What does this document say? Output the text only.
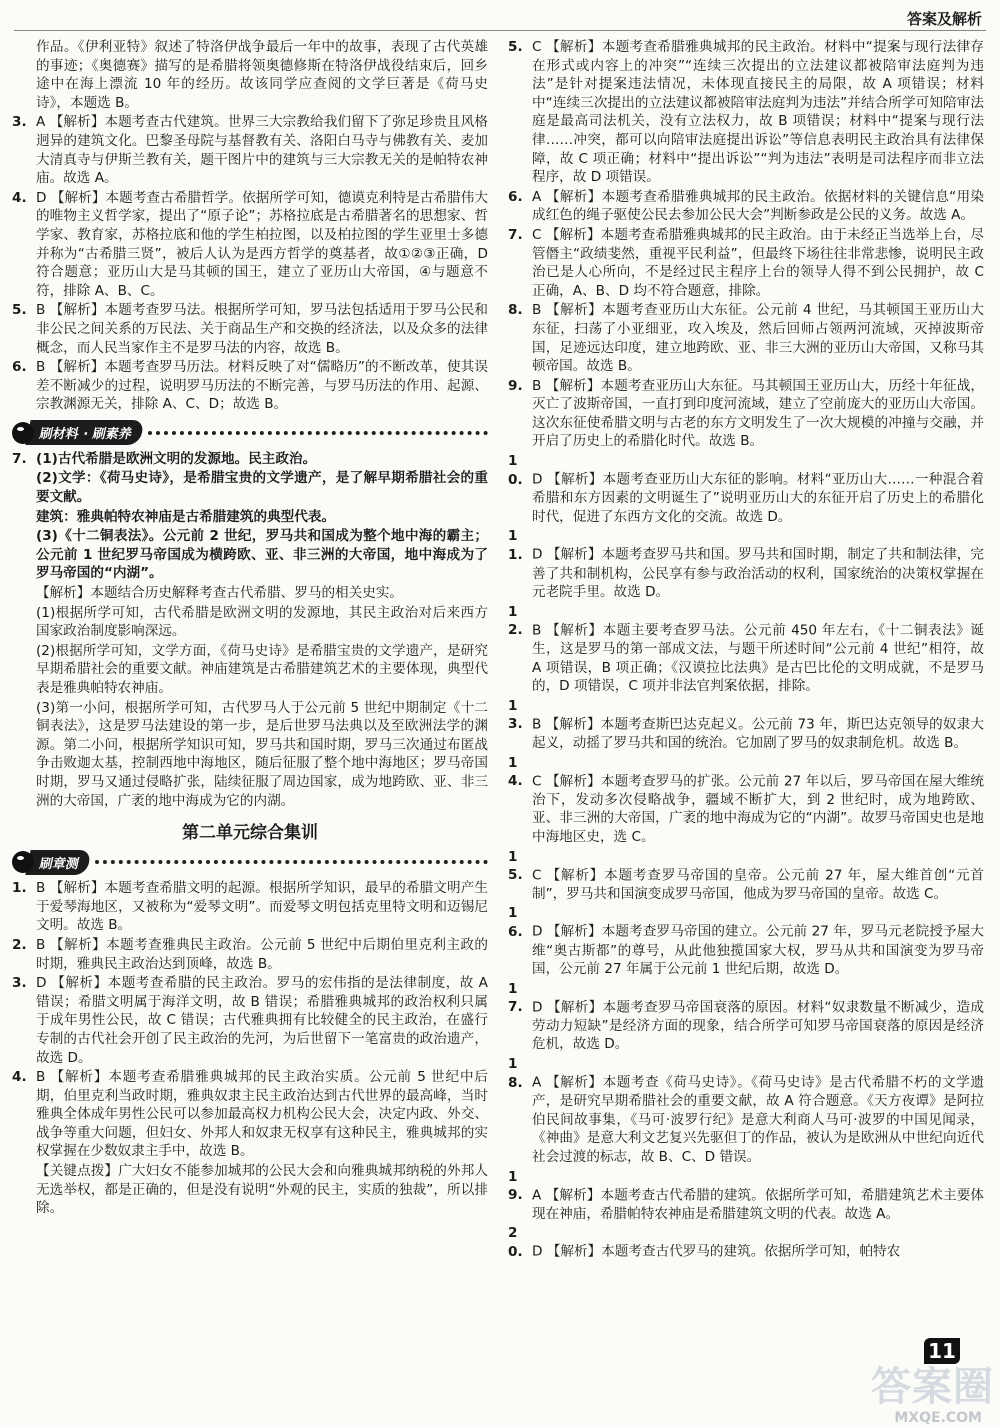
答案及解析

作品。《伊利亚特》叙述了特洛伊战争最后一年中的故事，表现了古代英雄的事迹；《奥德赛》描写的是希腊将领奥德修斯在特洛伊战役结束后，回乡途中在海上漂流 10 年的经历。故该同学应查阅的文学巨著是《荷马史诗》，本题选 B。

3. A 【解析】本题考查古代建筑。世界三大宗教给我们留下了弥足珍贵且风格迥异的建筑文化。巴黎圣母院与基督教有关、洛阳白马寺与佛教有关、麦加大清真寺与伊斯兰教有关，题干图片中的建筑与三大宗教无关的是帕特农神庙。故选 A。

4. D 【解析】本题考查古希腊哲学。依据所学可知，德谟克利特是古希腊伟大的唯物主义哲学家，提出了“原子论”；苏格拉底是古希腊著名的思想家、哲学家、教育家，苏格拉底和他的学生柏拉图，以及柏拉图的学生亚里士多德并称为“古希腊三贤”，被后人认为是西方哲学的奠基者，故①②③正确，D 符合题意；亚历山大是马其顿的国王，建立了亚历山大帝国，④与题意不符，排除 A、B、C。

5. B 【解析】本题考查罗马法。根据所学可知，罗马法包括适用于罗马公民和非公民之间关系的万民法、关于商品生产和交换的经济法，以及众多的法律概念，而人民当家作主不是罗马法的内容，故选 B。

6. B 【解析】本题考查罗马历法。材料反映了对“儒略历”的不断改革，使其误差不断减少的过程，说明罗马历法的不断完善，与罗马历法的作用、起源、宗教渊源无关，排除 A、C、D；故选 B。

刷材料 · 刷素养

7. (1)古代希腊是欧洲文明的发源地。民主政治。

(2)文学：《荷马史诗》，是希腊宝贵的文学遗产，是了解早期希腊社会的重要文献。

建筑：雅典帕特农神庙是古希腊建筑的典型代表。

(3)《十二铜表法》。公元前 2 世纪，罗马共和国成为整个地中海的霸主；公元前 1 世纪罗马帝国成为横跨欧、亚、非三洲的大帝国，地中海成为了罗马帝国的“内湖”。

【解析】本题结合历史解释考查古代希腊、罗马的相关史实。

(1)根据所学可知，古代希腊是欧洲文明的发源地，其民主政治对后来西方国家政治制度影响深远。

(2)根据所学可知，文学方面，《荷马史诗》是希腊宝贵的文学遗产，是研究早期希腊社会的重要文献。神庙建筑是古希腊建筑艺术的主要体现，典型代表是雅典帕特农神庙。

(3)第一小问，根据所学可知，古代罗马人于公元前 5 世纪中期制定《十二铜表法》，这是罗马法建设的第一步，是后世罗马法典以及至欧洲法学的渊源。第二小问，根据所学知识可知，罗马共和国时期，罗马三次通过布匿战争击败迦太基，控制西地中海地区，随后征服了整个地中海地区；罗马帝国时期，罗马又通过侵略扩张，陆续征服了周边国家，成为地跨欧、亚、非三洲的大帝国，广袤的地中海成为它的内湖。

第二单元综合集训
刷章测

1. B 【解析】本题考查希腊文明的起源。根据所学知识，最早的希腊文明产生于爱琴海地区，又被称为“爱琴文明”。而爱琴文明包括克里特文明和迈锡尼文明。故选 B。

2. B 【解析】本题考查雅典民主政治。公元前 5 世纪中后期伯里克利主政的时期，雅典民主政治达到顶峰，故选 B。

3. D 【解析】本题考查希腊的民主政治。罗马的宏伟指的是法律制度，故 A 错误；希腊文明属于海洋文明，故 B 错误；希腊雅典城邦的政治权利只属于成年男性公民，故 C 错误；古代雅典拥有比较健全的民主政治，在盛行专制的古代社会开创了民主政治的先河，为后世留下一笔富贵的政治遗产，故选 D。

4. B 【解析】本题考查希腊雅典城邦的民主政治实质。公元前 5 世纪中后期，伯里克利当政时期，雅典奴隶主民主政治达到古代世界的最高峰，当时雅典全体成年男性公民可以参加最高权力机构公民大会，决定内政、外交、战争等重大问题，但妇女、外邦人和奴隶无权享有这种民主，雅典城邦的实权掌握在少数奴隶主手中，故选 B。

【关键点拨】广大妇女不能参加城邦的公民大会和向雅典城邦纳税的外邦人无选举权，都是正确的，但是没有说明“外观的民主，实质的独裁”，所以排除。

5. C 【解析】本题考查希腊雅典城邦的民主政治。材料中“提案与现行法律存在形式或内容上的冲突”“连续三次提出的立法建议都被陪审法庭判为违法”是针对提案违法情况，未体现直接民主的局限，故 A 项错误；材料中“连续三次提出的立法建议都被陪审法庭判为违法”并结合所学可知陪审法庭是最高司法机关，没有立法权力，故 B 项错误；材料中“提案与现行法律……冲突，都可以向陪审法庭提出诉讼”等信息表明民主政治具有法律保障，故 C 项正确；材料中“提出诉讼”“判为违法”表明是司法程序而非立法程序，故 D 项错误。

6. A 【解析】本题考查希腊雅典城邦的民主政治。依据材料的关键信息“用染成红色的绳子驱使公民去参加公民大会”判断参政是公民的义务。故选 A。

7. C 【解析】本题考查希腊雅典城邦的民主政治。由于未经正当选举上台，尽管僭主“政绩斐然，重视平民利益”，但最终下场往往非常悲惨，说明民主政治已是人心所向，不是经过民主程序上台的领导人得不到公民拥护，故 C 正确，A、B、D 均不符合题意，排除。

8. B 【解析】本题考查亚历山大东征。公元前 4 世纪，马其顿国王亚历山大东征，扫荡了小亚细亚，攻入埃及，然后回师占领两河流域，灭掉波斯帝国，足迹远达印度，建立地跨欧、亚、非三大洲的亚历山大帝国，又称马其顿帝国。故选 B。

9. B 【解析】本题考查亚历山大东征。马其顿国王亚历山大，历经十年征战，灭亡了波斯帝国，一直打到印度河流域，建立了空前庞大的亚历山大帝国。这次东征使希腊文明与古老的东方文明发生了一次大规模的冲撞与交融，并开启了历史上的希腊化时代。故选 B。

10. D 【解析】本题考查亚历山大东征的影响。材料“亚历山大……一种混合着希腊和东方因素的文明诞生了”说明亚历山大的东征开启了历史上的希腊化时代，促进了东西方文化的交流。故选 D。

11. D 【解析】本题考查罗马共和国。罗马共和国时期，制定了共和制法律，完善了共和制机构，公民享有参与政治活动的权利，国家统治的决策权掌握在元老院手里。故选 D。

12. B 【解析】本题主要考查罗马法。公元前 450 年左右，《十二铜表法》诞生，这是罗马的第一部成文法，与题干所述时间“公元前 4 世纪”相符，故 A 项错误，B 项正确；《汉谟拉比法典》是古巴比伦的文明成就，不是罗马的，D 项错误，C 项并非法官判案依据，排除。

13. B 【解析】本题考查斯巴达克起义。公元前 73 年，斯巴达克领导的奴隶大起义，动摇了罗马共和国的统治。它加剧了罗马的奴隶制危机。故选 B。

14. C 【解析】本题考查罗马的扩张。公元前 27 年以后，罗马帝国在屋大维统治下，发动多次侵略战争，疆域不断扩大，到 2 世纪时，成为地跨欧、亚、非三洲的大帝国，广袤的地中海成为它的“内湖”。故罗马帝国史也是地中海地区史，选 C。

15. C 【解析】本题考查罗马帝国的皇帝。公元前 27 年，屋大维首创“元首制”，罗马共和国演变成罗马帝国，他成为罗马帝国的皇帝。故选 C。

16. D 【解析】本题考查罗马帝国的建立。公元前 27 年，罗马元老院授予屋大维“奥古斯都”的尊号，从此他独揽国家大权，罗马从共和国演变为罗马帝国，公元前 27 年属于公元前 1 世纪后期，故选 D。

17. D 【解析】本题考查罗马帝国衰落的原因。材料“奴隶数量不断减少，造成劳动力短缺”是经济方面的现象，结合所学可知罗马帝国衰落的原因是经济危机，故选 D。

18. A 【解析】本题考查《荷马史诗》。《荷马史诗》是古代希腊不朽的文学遗产，是研究早期希腊社会的重要文献，故 A 符合题意。《天方夜谭》是阿拉伯民间故事集，《马可·波罗行纪》是意大利商人马可·波罗的中国见闻录，《神曲》是意大利文艺复兴先驱但丁的作品，被认为是欧洲从中世纪向近代社会过渡的标志，故 B、C、D 错误。

19. A 【解析】本题考查古代希腊的建筑。依据所学可知，希腊建筑艺术主要体现在神庙，希腊帕特农神庙是希腊建筑文明的代表。故选 A。

20. D 【解析】本题考查古代罗马的建筑。依据所学可知，帕特农

11
答案圈
MXQE.COM
